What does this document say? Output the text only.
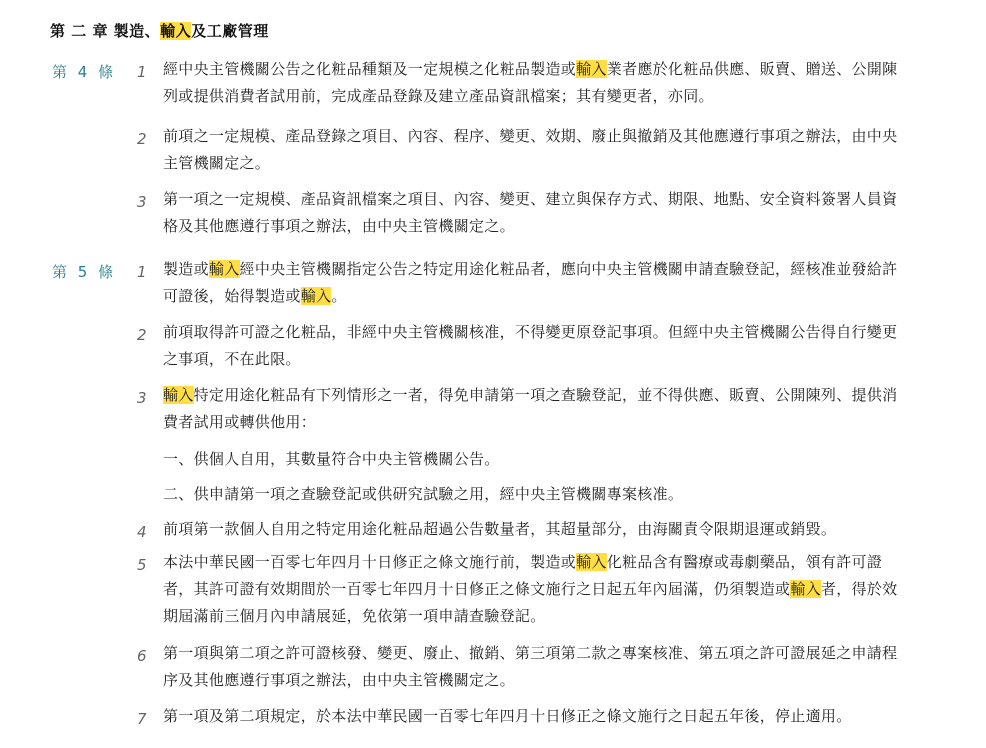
第 二 章 製造、輸入及工廠管理
第 4 條 1 經中央主管機關公告之化粧品種類及一定規模之化粧品製造或輸入業者應於化粧品供應、販賣、贈送、公開陳
列或提供消費者試用前，完成產品登錄及建立產品資訊檔案；其有變更者，亦同。
2 前項之一定規模、產品登錄之項目、內容、程序、變更、效期、廢止與撤銷及其他應遵行事項之辦法，由中央
主管機關定之。
3 第一項之一定規模、產品資訊檔案之項目、內容、變更、建立與保存方式、期限、地點、安全資料簽署人員資
格及其他應遵行事項之辦法，由中央主管機關定之。
第 5 條 1 製造或輸入經中央主管機關指定公告之特定用途化粧品者，應向中央主管機關申請查驗登記，經核准並發給許
可證後，始得製造或輸入。
2 前項取得許可證之化粧品，非經中央主管機關核准，不得變更原登記事項。但經中央主管機關公告得自行變更
之事項，不在此限。
3 輸入特定用途化粧品有下列情形之一者，得免申請第一項之查驗登記，並不得供應、販賣、公開陳列、提供消
費者試用或轉供他用：
一、供個人自用，其數量符合中央主管機關公告。
二、供申請第一項之查驗登記或供研究試驗之用，經中央主管機關專案核准。
4 前項第一款個人自用之特定用途化粧品超過公告數量者，其超量部分，由海關責令限期退運或銷毀。
5 本法中華民國一百零七年四月十日修正之條文施行前，製造或輸入化粧品含有醫療或毒劇藥品，領有許可證
者，其許可證有效期間於一百零七年四月十日修正之條文施行之日起五年內屆滿，仍須製造或輸入者，得於效
期屆滿前三個月內申請展延，免依第一項申請查驗登記。
6 第一項與第二項之許可證核發、變更、廢止、撤銷、第三項第二款之專案核准、第五項之許可證展延之申請程
序及其他應遵行事項之辦法，由中央主管機關定之。
7 第一項及第二項規定，於本法中華民國一百零七年四月十日修正之條文施行之日起五年後，停止適用。
